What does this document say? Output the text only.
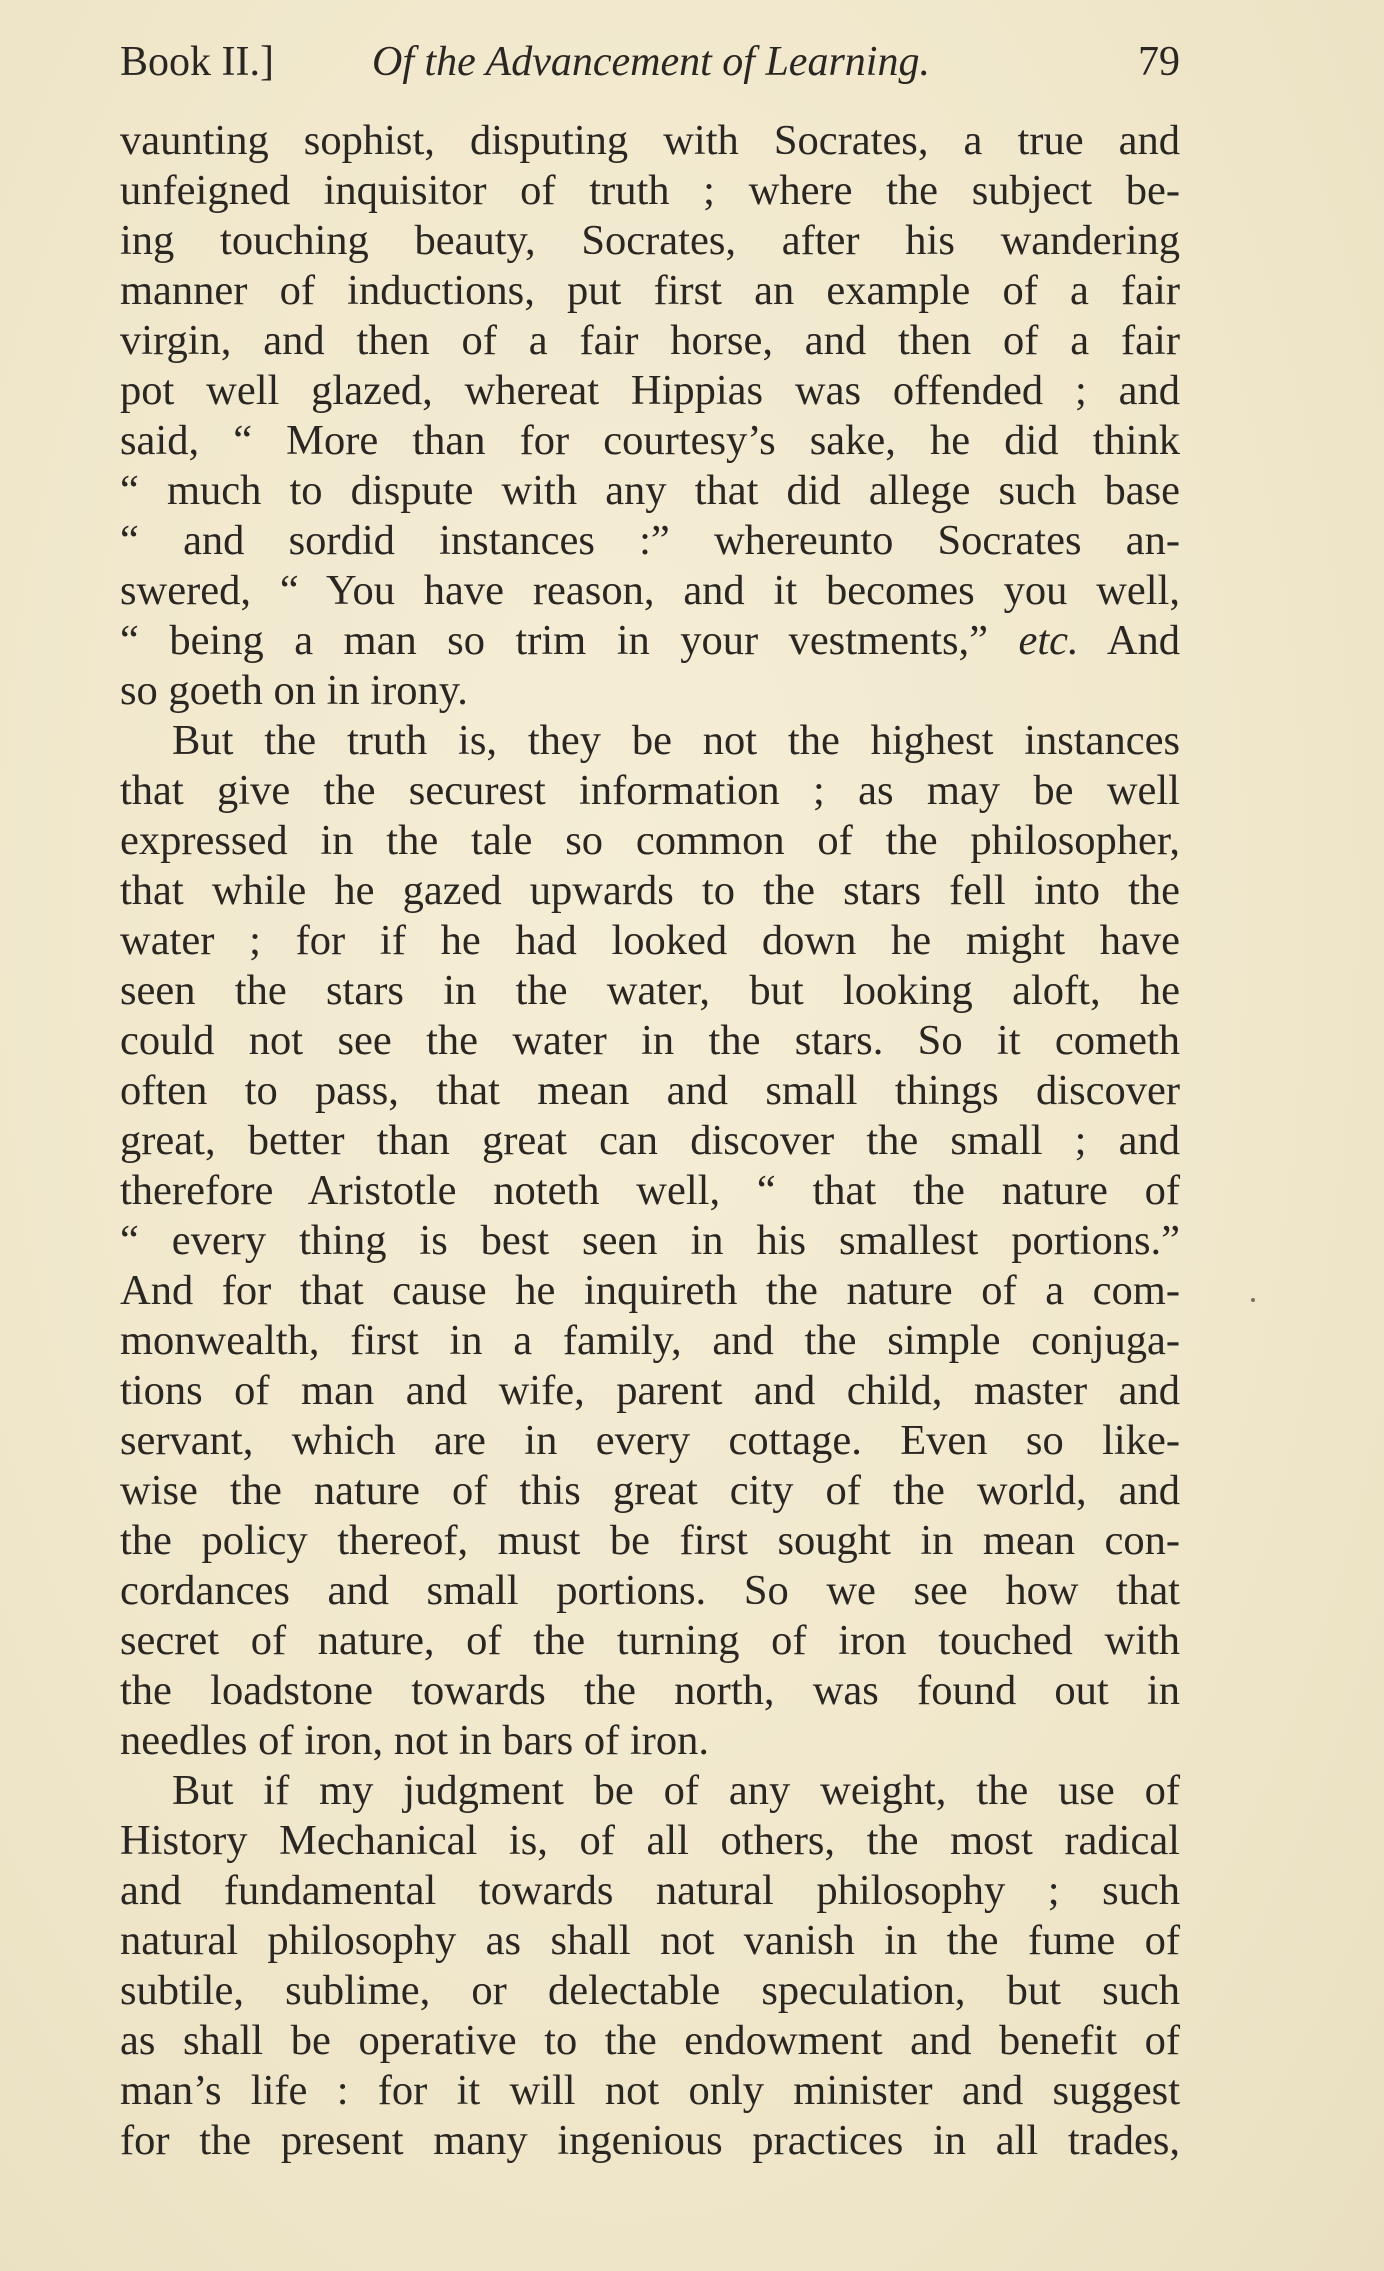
Book II.] Of the Advancement of Learning.	79
vaunting sophist, disputing with Socrates, a true and
unfeigned inquisitor of truth ; where the subject be-
ing touching beauty, Socrates, after his wandering
manner of inductions, put first an example of a fair
virgin, and then of a fair horse, and then of a fair
pot well glazed, whereat Hippias was offended ; and
said, “ More than for courtesy’s sake, he did think
“ much to dispute with any that did allege such base
“ and sordid instances :” whereunto Socrates an-
swered, “ You have reason, and it becomes you well,
“ being a man so trim in your vestments,” etc. And
so goeth on in irony.
But the truth is, they be not the highest instances
that give the securest information ; as may be well
expressed in the tale so common of the philosopher,
that while he gazed upwards to the stars fell into the
water ; for if he had looked down he might have
seen the stars in the water, but looking aloft, he
could not see the water in the stars. So it cometh
often to pass, that mean and small things discover
great, better than great can discover the small ; and
therefore Aristotle noteth well, “ that the nature of
“ every thing is best seen in his smallest portions.”
And for that cause he inquireth the nature of a com-
monwealth, first in a family, and the simple conjuga-
tions of man and wife, parent and child, master and
servant, which are in every cottage. Even so like-
wise the nature of this great city of the world, and
the policy thereof, must be first sought in mean con-
cordances and small portions. So we see how that
secret of nature, of the turning of iron touched with
the loadstone towards the north, was found out in
needles of iron, not in bars of iron.
But if my judgment be of any weight, the use of
History Mechanical is, of all others, the most radical
and fundamental towards natural philosophy ; such
natural philosophy as shall not vanish in the fume of
subtile, sublime, or delectable speculation, but such
as shall be operative to the endowment and benefit of
man’s life : for it will not only minister and suggest
for the present many ingenious practices in all trades,
